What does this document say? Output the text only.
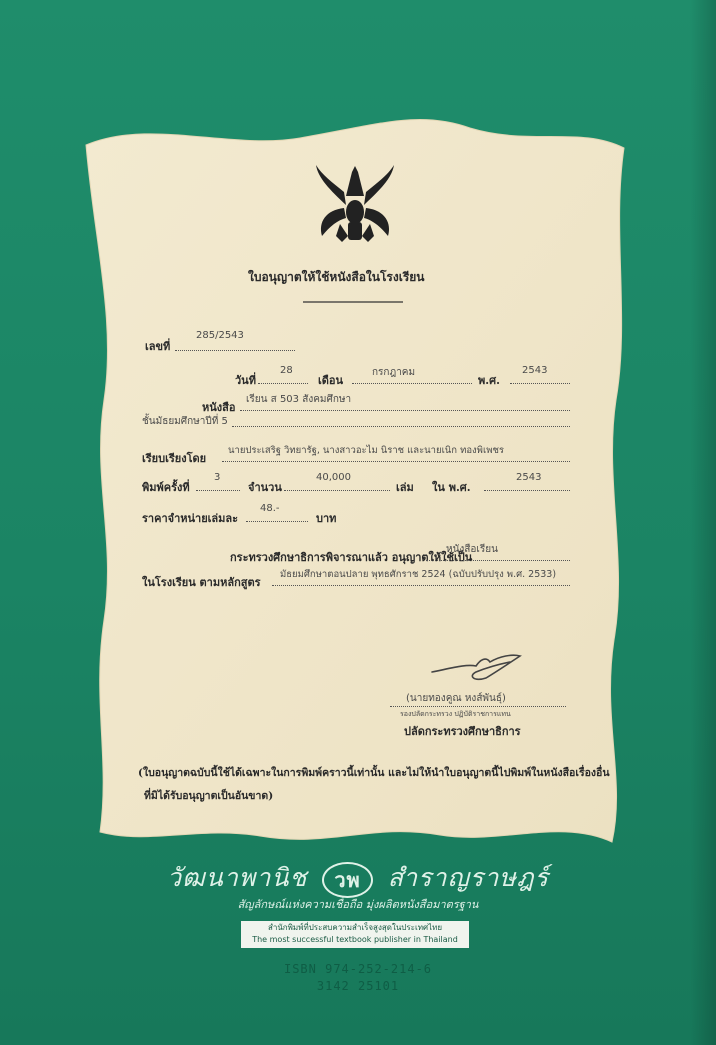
ใบอนุญาตให้ใช้หนังสือในโรงเรียน
เลขที่
285/2543
วันที่
28
เดือน
กรกฎาคม
พ.ศ.
2543
หนังสือ
เรียน ส 503 สังคมศึกษา
ชั้นมัธยมศึกษาปีที่ 5
เรียบเรียงโดย
นายประเสริฐ วิทยารัฐ, นางสาวอะไม นิราช และนายเนิก ทองพิเพชร
พิมพ์ครั้งที่
3
จำนวน
40,000
เล่ม ใน พ.ศ.
2543
ราคาจำหน่ายเล่มละ
48.-
บาท
กระทรวงศึกษาธิการพิจารณาแล้ว อนุญาตให้ใช้เป็น
หนังสือเรียน
ในโรงเรียน ตามหลักสูตร
มัธยมศึกษาตอนปลาย พุทธศักราช 2524 (ฉบับปรับปรุง พ.ศ. 2533)
(นายทองคูณ หงส์พันธุ์)
รองปลัดกระทรวง ปฏิบัติราชการแทน
ปลัดกระทรวงศึกษาธิการ
(ใบอนุญาตฉบับนี้ใช้ได้เฉพาะในการพิมพ์คราวนี้เท่านั้น และไม่ให้นำใบอนุญาตนี้ไปพิมพ์ในหนังสือเรื่องอื่น
ที่มิได้รับอนุญาตเป็นอันขาด)
วัฒนาพานิช วพ สำราญราษฎร์
สัญลักษณ์แห่งความเชื่อถือ มุ่งผลิตหนังสือมาตรฐาน
สำนักพิมพ์ที่ประสบความสำเร็จสูงสุดในประเทศไทย
The most successful textbook publisher in Thailand
ISBN 974-252-214-6
3142 25101
